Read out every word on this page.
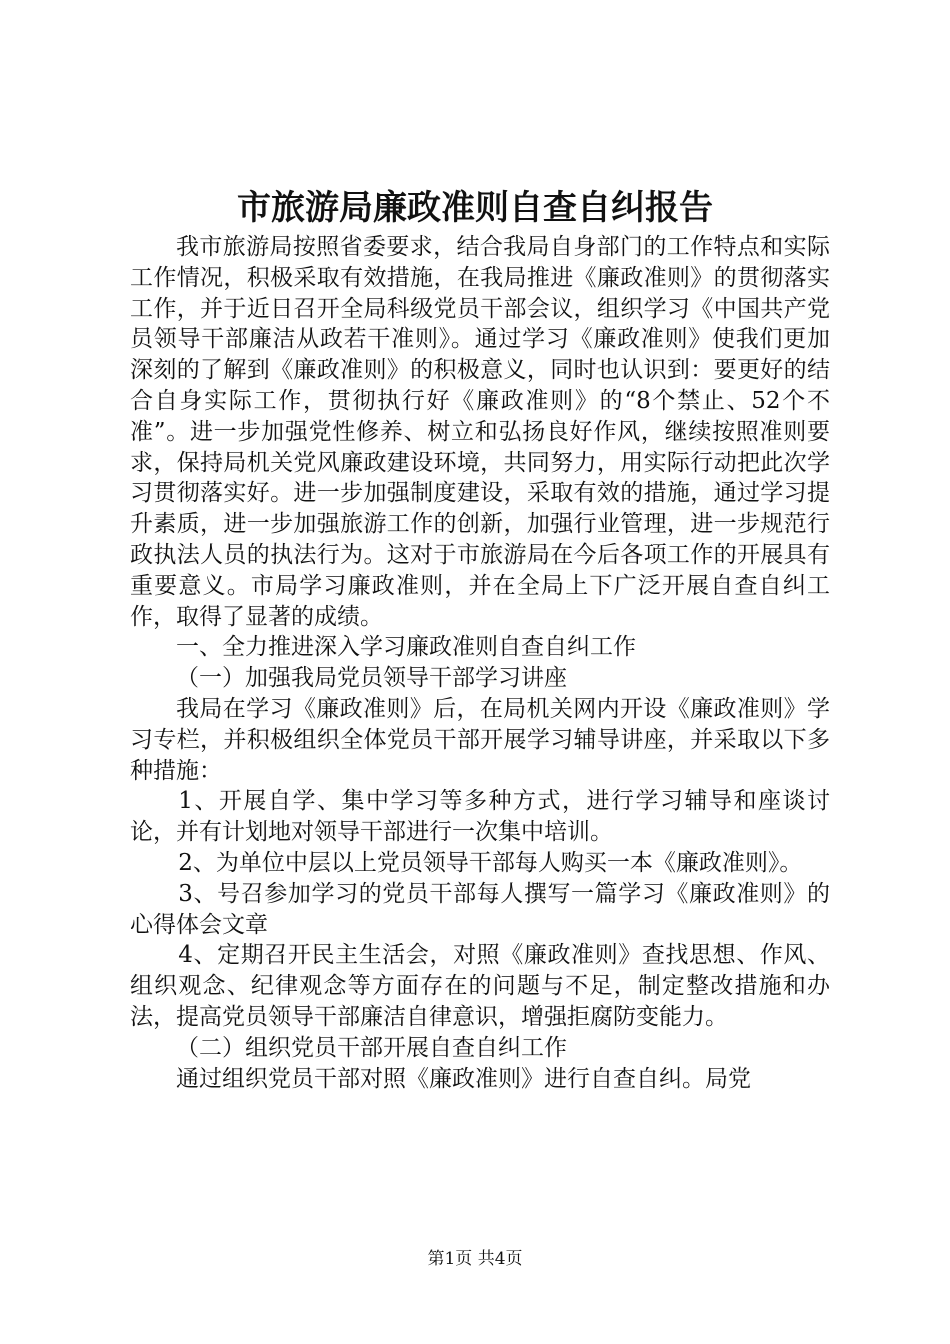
市旅游局廉政准则自查自纠报告

我市旅游局按照省委要求，结合我局自身部门的工作特点和实际工作情况，积极采取有效措施，在我局推进《廉政准则》的贯彻落实工作，并于近日召开全局科级党员干部会议，组织学习《中国共产党员领导干部廉洁从政若干准则》。通过学习《廉政准则》使我们更加深刻的了解到《廉政准则》的积极意义，同时也认识到：要更好的结合自身实际工作，贯彻执行好《廉政准则》的“8个禁止、52个不准”。进一步加强党性修养、树立和弘扬良好作风，继续按照准则要求，保持局机关党风廉政建设环境，共同努力，用实际行动把此次学习贯彻落实好。进一步加强制度建设，采取有效的措施，通过学习提升素质，进一步加强旅游工作的创新，加强行业管理，进一步规范行政执法人员的执法行为。这对于市旅游局在今后各项工作的开展具有重要意义。市局学习廉政准则，并在全局上下广泛开展自查自纠工作，取得了显著的成绩。

一、全力推进深入学习廉政准则自查自纠工作

（一）加强我局党员领导干部学习讲座

我局在学习《廉政准则》后，在局机关网内开设《廉政准则》学习专栏，并积极组织全体党员干部开展学习辅导讲座，并采取以下多种措施：

1、开展自学、集中学习等多种方式，进行学习辅导和座谈讨论，并有计划地对领导干部进行一次集中培训。

2、为单位中层以上党员领导干部每人购买一本《廉政准则》。

3、号召参加学习的党员干部每人撰写一篇学习《廉政准则》的心得体会文章

4、定期召开民主生活会，对照《廉政准则》查找思想、作风、组织观念、纪律观念等方面存在的问题与不足，制定整改措施和办法，提高党员领导干部廉洁自律意识，增强拒腐防变能力。

（二）组织党员干部开展自查自纠工作

通过组织党员干部对照《廉政准则》进行自查自纠。局党

第1页 共4页
